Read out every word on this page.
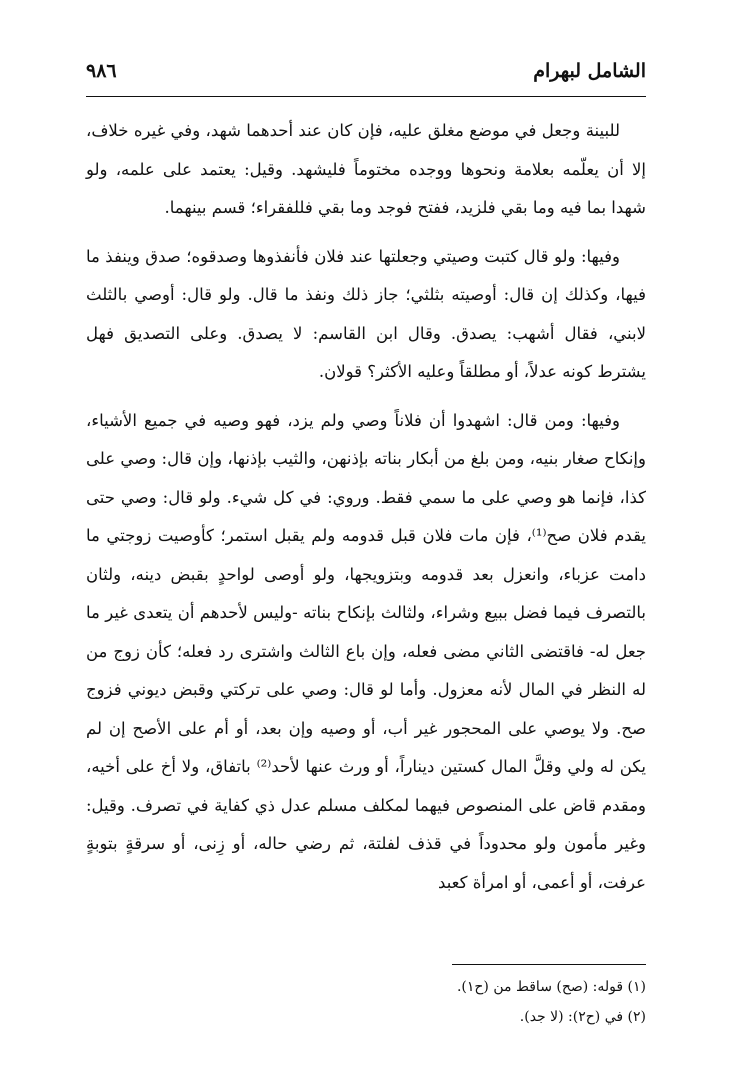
الشامل لبهرام
٩٨٦

للبينة وجعل في موضع مغلق عليه، فإن كان عند أحدهما شهد، وفي غيره خلاف، إلا أن يعلّمه بعلامة ونحوها ووجده مختوماً فليشهد. وقيل: يعتمد على علمه، ولو شهدا بما فيه وما بقي فلزيد، ففتح فوجد وما بقي فللفقراء؛ قسم بينهما.

وفيها: ولو قال كتبت وصيتي وجعلتها عند فلان فأنفذوها وصدقوه؛ صدق وينفذ ما فيها، وكذلك إن قال: أوصيته بثلثي؛ جاز ذلك ونفذ ما قال. ولو قال: أوصي بالثلث لابني، فقال أشهب: يصدق. وقال ابن القاسم: لا يصدق. وعلى التصديق فهل يشترط كونه عدلاً، أو مطلقاً وعليه الأكثر؟ قولان.

وفيها: ومن قال: اشهدوا أن فلاناً وصي ولم يزد، فهو وصيه في جميع الأشياء، وإنكاح صغار بنيه، ومن بلغ من أبكار بناته بإذنهن، والثيب بإذنها، وإن قال: وصي على كذا، فإنما هو وصي على ما سمي فقط. وروي: في كل شيء. ولو قال: وصي حتى يقدم فلان صح⁽¹⁾، فإن مات فلان قبل قدومه ولم يقبل استمر؛ كأوصيت زوجتي ما دامت عزباء، وانعزل بعد قدومه وبتزويجها، ولو أوصى لواحدٍ بقبض دينه، ولثان بالتصرف فيما فضل ببيع وشراء، ولثالث بإنكاح بناته -وليس لأحدهم أن يتعدى غير ما جعل له- فاقتضى الثاني مضى فعله، وإن باع الثالث واشترى رد فعله؛ كأن زوج من له النظر في المال لأنه معزول. وأما لو قال: وصي على تركتي وقبض ديوني فزوج صح. ولا يوصي على المحجور غير أب، أو وصيه وإن بعد، أو أم على الأصح إن لم يكن له ولي وقلَّ المال كستين ديناراً، أو ورث عنها لأحد⁽²⁾ باتفاق، ولا أخ على أخيه، ومقدم قاض على المنصوص فيهما لمكلف مسلم عدل ذي كفاية في تصرف. وقيل: وغير مأمون ولو محدوداً في قذف لفلتة، ثم رضي حاله، أو زِنى، أو سرقةٍ بتوبةٍ عرفت، أو أعمى، أو امرأة كعبد

(١) قوله: (صح) ساقط من (ح١).
(٢) في (ح٢): (لا جد).
